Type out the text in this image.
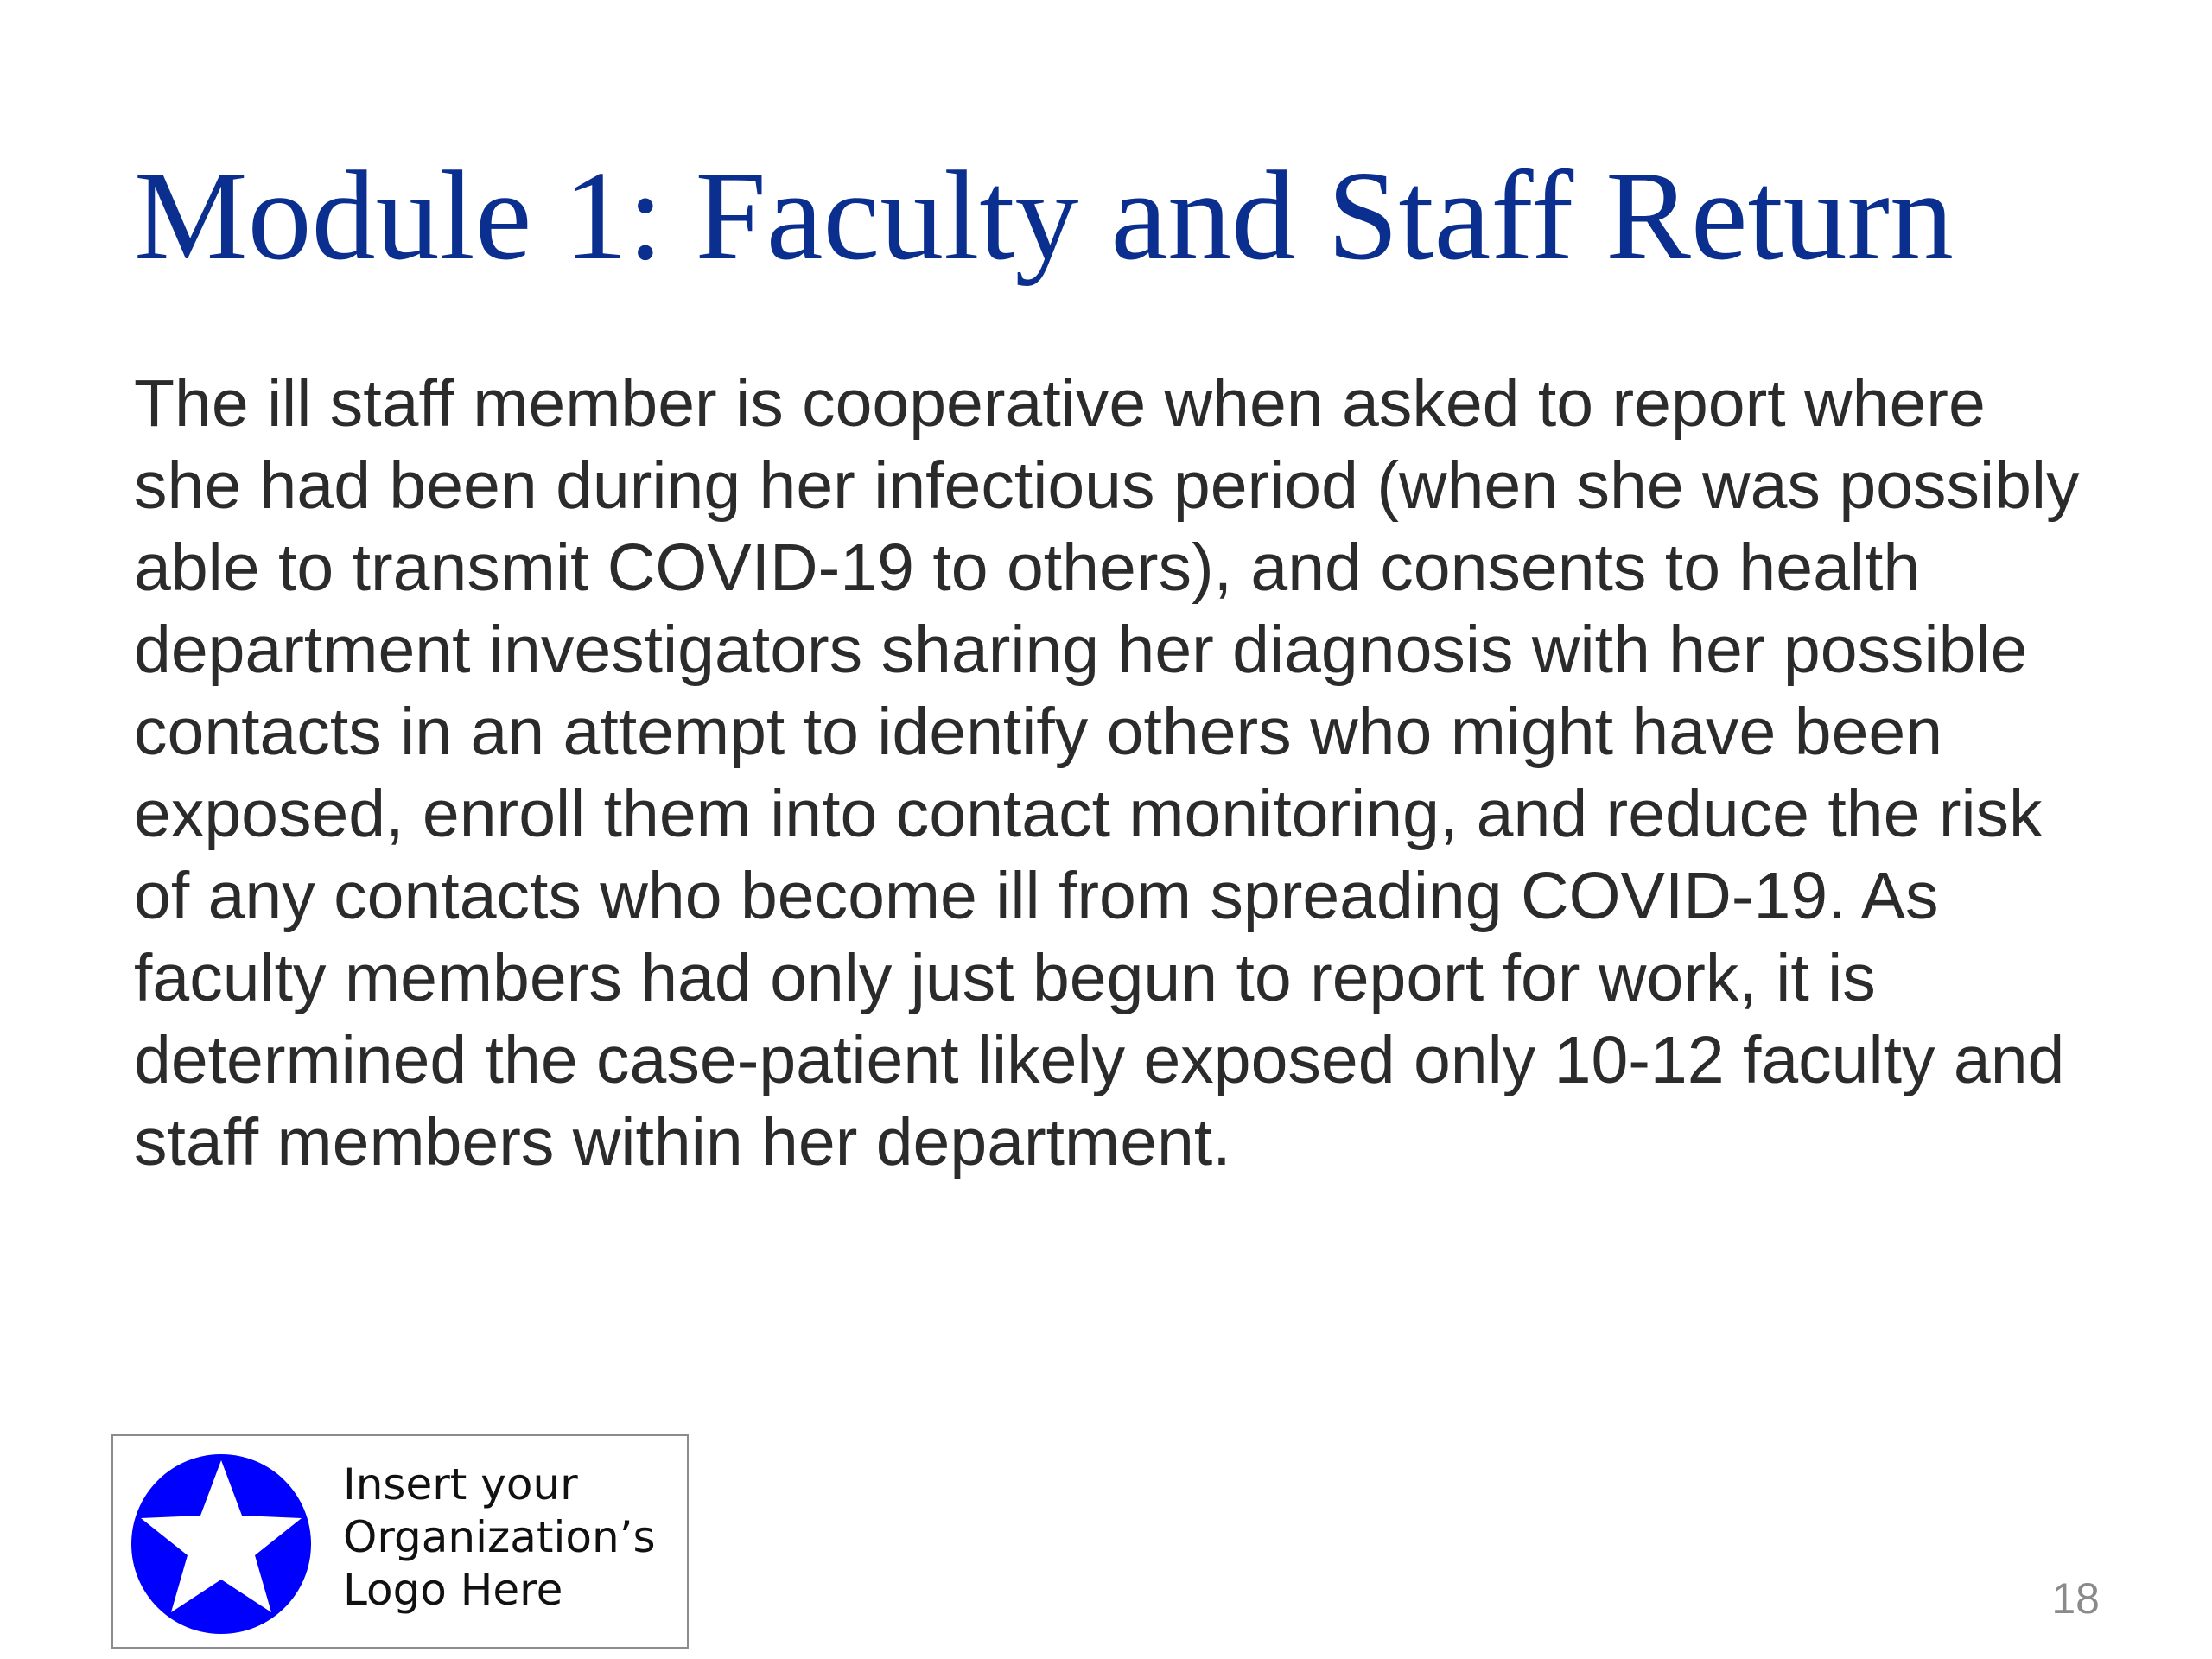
Module 1: Faculty and Staff Return

The ill staff member is cooperative when asked to report where she had been during her infectious period (when she was possibly able to transmit COVID-19 to others), and consents to health department investigators sharing her diagnosis with her possible contacts in an attempt to identify others who might have been exposed, enroll them into contact monitoring, and reduce the risk of any contacts who become ill from spreading COVID-19. As faculty members had only just begun to report for work, it is determined the case-patient likely exposed only 10-12 faculty and staff members within her department.

Insert your
Organization’s
Logo Here	18
